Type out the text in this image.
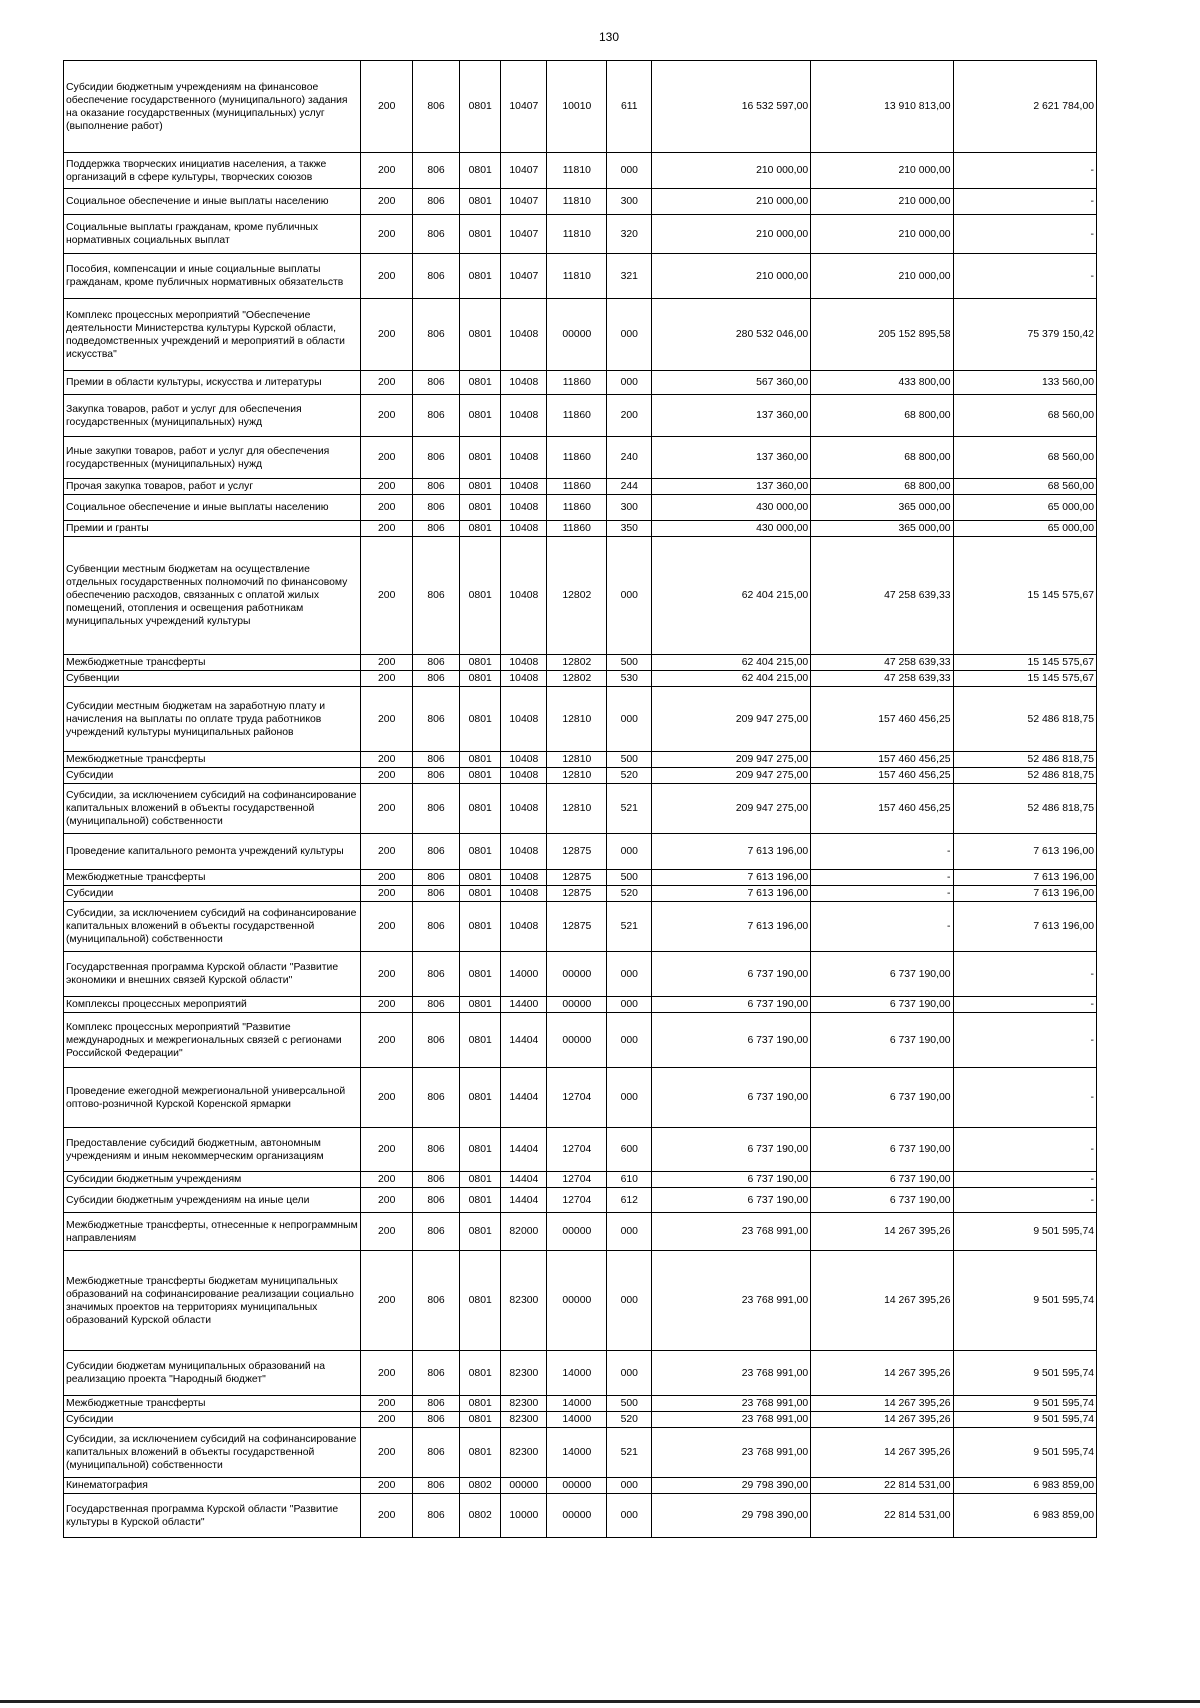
130
Субсидии бюджетным учреждениям на финансовое обеспечение государственного (муниципального) задания на оказание государственных (муниципальных) услуг (выполнение работ)	200	806	0801	10407	10010	611	16 532 597,00	13 910 813,00	2 621 784,00
Поддержка творческих инициатив населения, а также организаций в сфере культуры, творческих союзов	200	806	0801	10407	11810	000	210 000,00	210 000,00	-
Социальное обеспечение и иные выплаты населению	200	806	0801	10407	11810	300	210 000,00	210 000,00	-
Социальные выплаты гражданам, кроме публичных нормативных социальных выплат	200	806	0801	10407	11810	320	210 000,00	210 000,00	-
Пособия, компенсации и иные социальные выплаты гражданам, кроме публичных нормативных обязательств	200	806	0801	10407	11810	321	210 000,00	210 000,00	-
Комплекс процессных мероприятий "Обеспечение деятельности Министерства культуры Курской области, подведомственных учреждений и мероприятий в области искусства"	200	806	0801	10408	00000	000	280 532 046,00	205 152 895,58	75 379 150,42
Премии в области культуры, искусства и литературы	200	806	0801	10408	11860	000	567 360,00	433 800,00	133 560,00
Закупка товаров, работ и услуг для обеспечения государственных (муниципальных) нужд	200	806	0801	10408	11860	200	137 360,00	68 800,00	68 560,00
Иные закупки товаров, работ и услуг для обеспечения государственных (муниципальных) нужд	200	806	0801	10408	11860	240	137 360,00	68 800,00	68 560,00
Прочая закупка товаров, работ и услуг	200	806	0801	10408	11860	244	137 360,00	68 800,00	68 560,00
Социальное обеспечение и иные выплаты населению	200	806	0801	10408	11860	300	430 000,00	365 000,00	65 000,00
Премии и гранты	200	806	0801	10408	11860	350	430 000,00	365 000,00	65 000,00
Субвенции местным бюджетам на осуществление отдельных государственных полномочий по финансовому обеспечению расходов, связанных с оплатой жилых помещений, отопления и освещения работникам муниципальных учреждений культуры	200	806	0801	10408	12802	000	62 404 215,00	47 258 639,33	15 145 575,67
Межбюджетные трансферты	200	806	0801	10408	12802	500	62 404 215,00	47 258 639,33	15 145 575,67
Субвенции	200	806	0801	10408	12802	530	62 404 215,00	47 258 639,33	15 145 575,67
Субсидии местным бюджетам на заработную плату и начисления на выплаты по оплате труда работников учреждений культуры муниципальных районов	200	806	0801	10408	12810	000	209 947 275,00	157 460 456,25	52 486 818,75
Межбюджетные трансферты	200	806	0801	10408	12810	500	209 947 275,00	157 460 456,25	52 486 818,75
Субсидии	200	806	0801	10408	12810	520	209 947 275,00	157 460 456,25	52 486 818,75
Субсидии, за исключением субсидий на софинансирование капитальных вложений в объекты государственной (муниципальной) собственности	200	806	0801	10408	12810	521	209 947 275,00	157 460 456,25	52 486 818,75
Проведение капитального ремонта учреждений культуры	200	806	0801	10408	12875	000	7 613 196,00	-	7 613 196,00
Межбюджетные трансферты	200	806	0801	10408	12875	500	7 613 196,00	-	7 613 196,00
Субсидии	200	806	0801	10408	12875	520	7 613 196,00	-	7 613 196,00
Субсидии, за исключением субсидий на софинансирование капитальных вложений в объекты государственной (муниципальной) собственности	200	806	0801	10408	12875	521	7 613 196,00	-	7 613 196,00
Государственная программа Курской области "Развитие экономики и внешних связей Курской области"	200	806	0801	14000	00000	000	6 737 190,00	6 737 190,00	-
Комплексы процессных мероприятий	200	806	0801	14400	00000	000	6 737 190,00	6 737 190,00	-
Комплекс процессных мероприятий "Развитие международных и межрегиональных связей с регионами Российской Федерации"	200	806	0801	14404	00000	000	6 737 190,00	6 737 190,00	-
Проведение ежегодной межрегиональной универсальной оптово-розничной Курской Коренской ярмарки	200	806	0801	14404	12704	000	6 737 190,00	6 737 190,00	-
Предоставление субсидий бюджетным, автономным учреждениям и иным некоммерческим организациям	200	806	0801	14404	12704	600	6 737 190,00	6 737 190,00	-
Субсидии бюджетным учреждениям	200	806	0801	14404	12704	610	6 737 190,00	6 737 190,00	-
Субсидии бюджетным учреждениям на иные цели	200	806	0801	14404	12704	612	6 737 190,00	6 737 190,00	-
Межбюджетные трансферты, отнесенные к непрограммным направлениям	200	806	0801	82000	00000	000	23 768 991,00	14 267 395,26	9 501 595,74
Межбюджетные трансферты бюджетам муниципальных образований на софинансирование реализации социально значимых проектов на территориях муниципальных образований Курской области	200	806	0801	82300	00000	000	23 768 991,00	14 267 395,26	9 501 595,74
Субсидии бюджетам муниципальных образований на реализацию проекта "Народный бюджет"	200	806	0801	82300	14000	000	23 768 991,00	14 267 395,26	9 501 595,74
Межбюджетные трансферты	200	806	0801	82300	14000	500	23 768 991,00	14 267 395,26	9 501 595,74
Субсидии	200	806	0801	82300	14000	520	23 768 991,00	14 267 395,26	9 501 595,74
Субсидии, за исключением субсидий на софинансирование капитальных вложений в объекты государственной (муниципальной) собственности	200	806	0801	82300	14000	521	23 768 991,00	14 267 395,26	9 501 595,74
Кинематография	200	806	0802	00000	00000	000	29 798 390,00	22 814 531,00	6 983 859,00
Государственная программа Курской области "Развитие культуры в Курской области"	200	806	0802	10000	00000	000	29 798 390,00	22 814 531,00	6 983 859,00
